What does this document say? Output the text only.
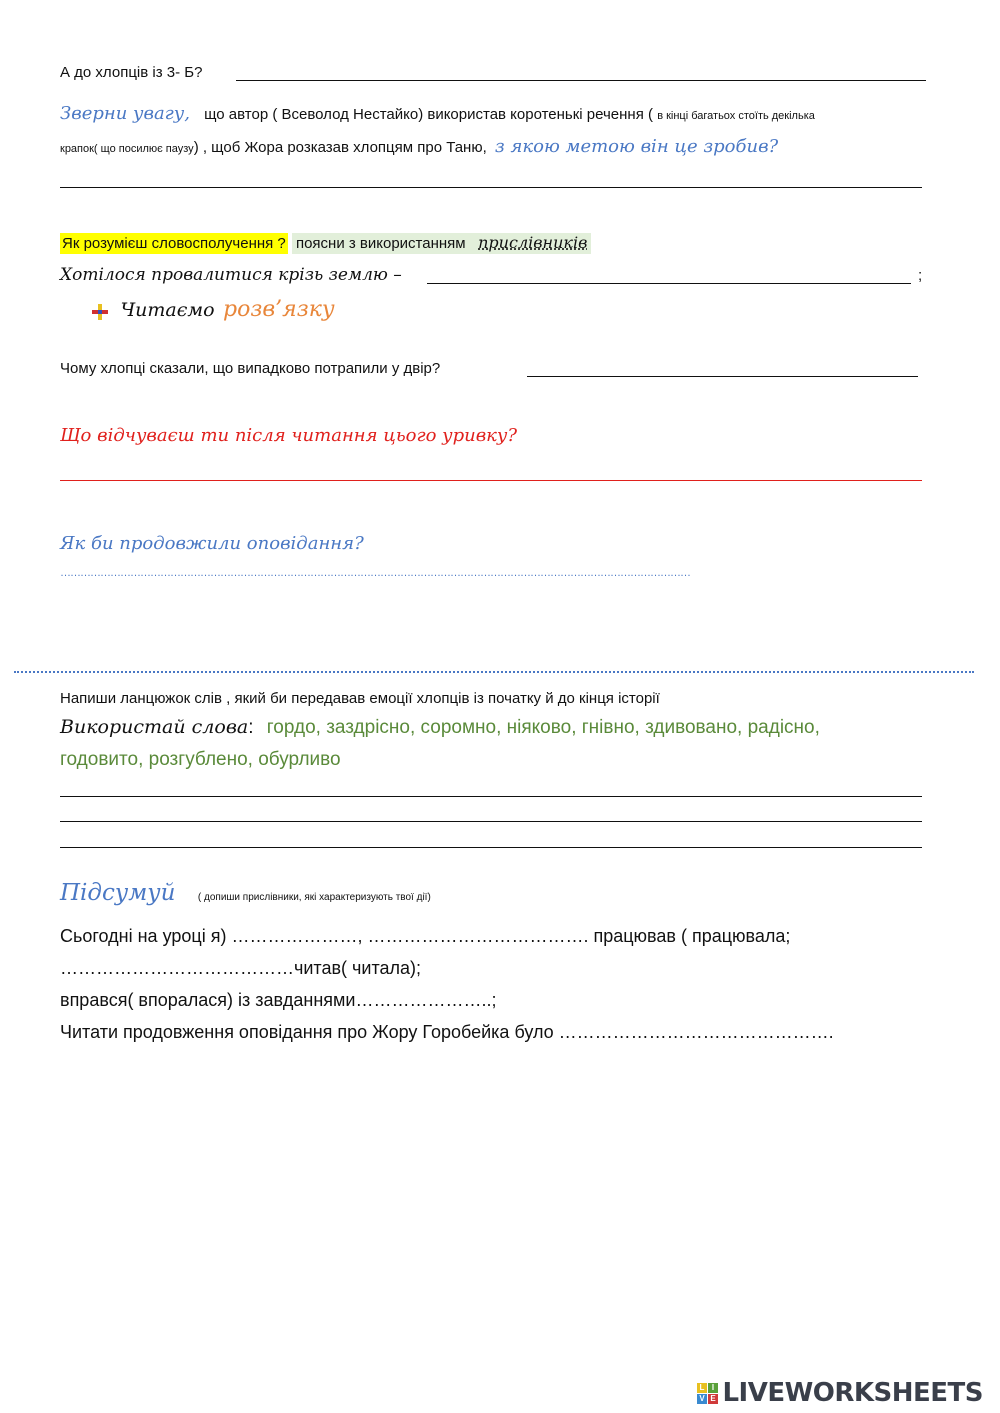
А до хлопців із 3- Б?
Зверни увагу, що автор ( Всеволод Нестайко) використав коротенькі речення ( в кінці багатьох стоїть декілька
крапок( що посилює паузу) , щоб Жора розказав хлопцям про Таню, з якою метою він це зробив?
Як розумієш словосполучення ? поясни з використанням прислівників
Хотілося провалитися крізь землю –	;
Читаємо розв’язку
Чому хлопці сказали, що випадково потрапили у двір?
Що відчуваєш ти після читання цього уривку?
Як би продовжили оповідання?
………………………………………………………………………………………………………………………………………………………………………
Напиши ланцюжок слів , який би передавав емоції хлопців із початку й до кінця історії
Використай слова: гордо, заздрісно, соромно, ніяково, гнівно, здивовано, радісно,
годовито, розгублено, обурливо
Підсумуй ( допиши прислівники, які характеризують твої дії)
Сьогодні на уроці я) …………………, ………………………………. працював ( працювала;
…………………………………читав( читала);
вправся( впоралася) із завданнями…………………..;
Читати продовження оповідання про Жору Горобейка було ……………………………………….
L I
V E LIVEWORKSHEETS
